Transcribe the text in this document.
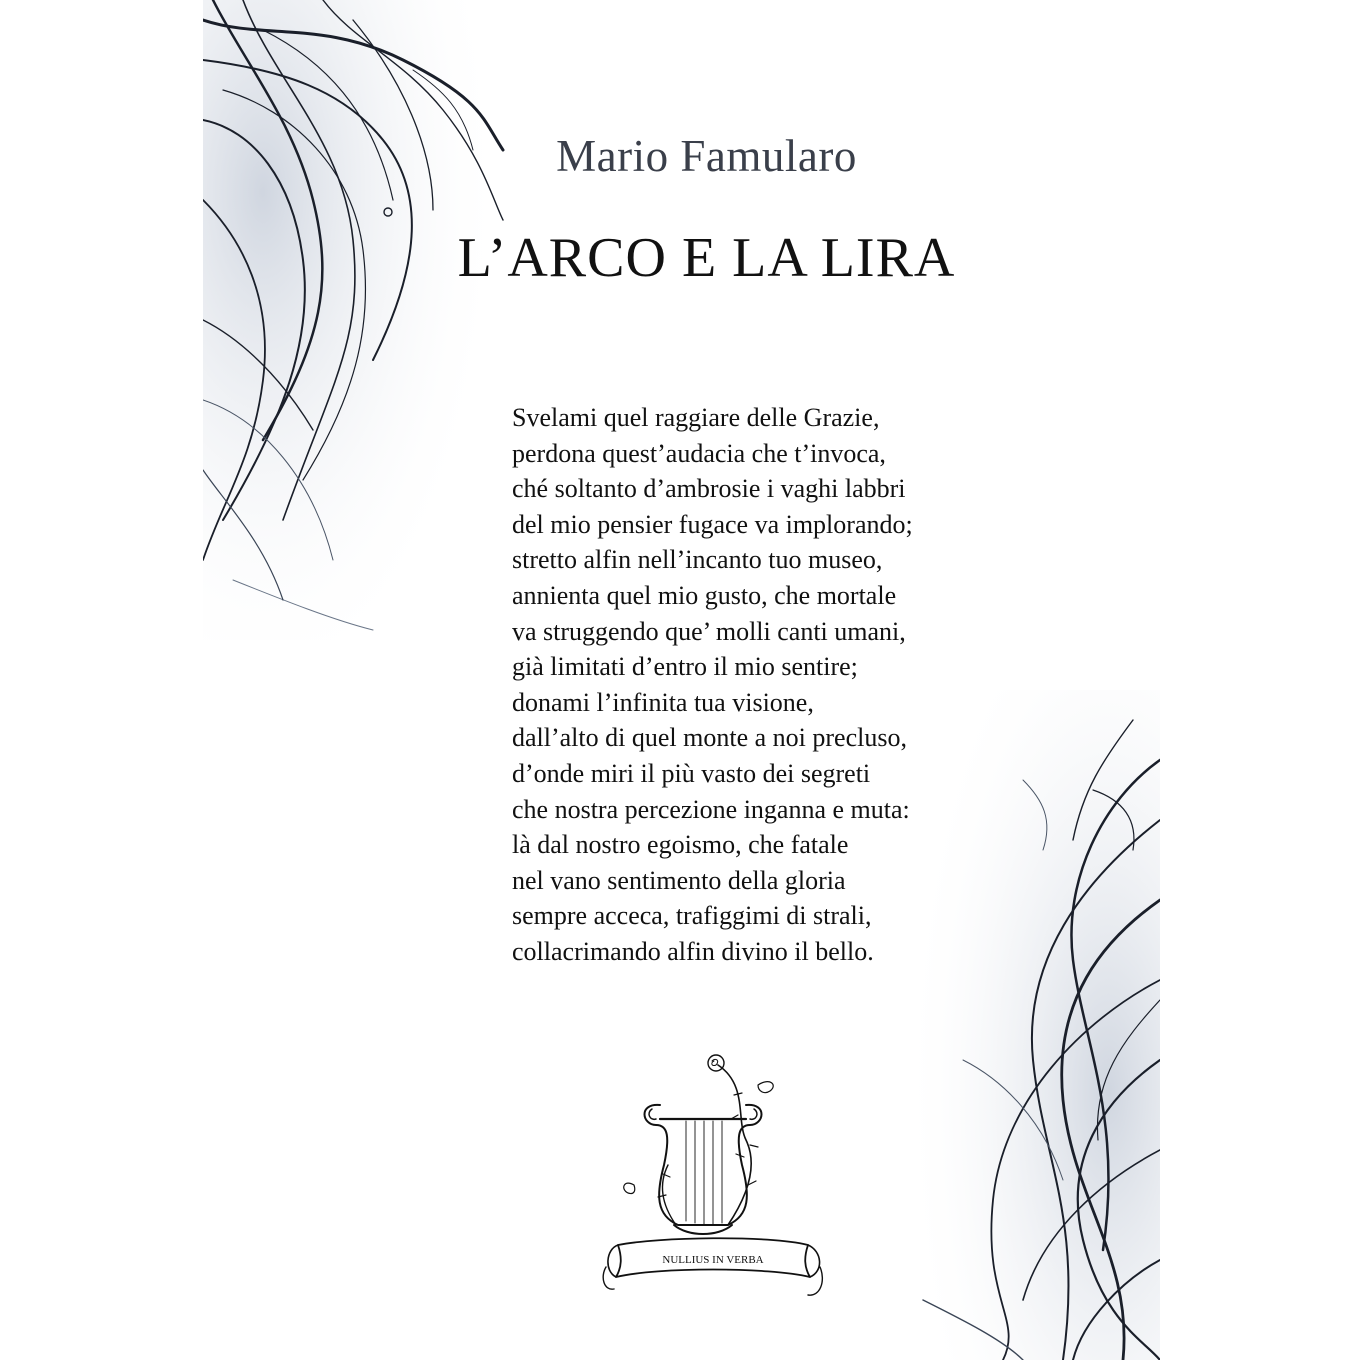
Mario Famularo
L’ARCO E LA LIRA
Svelami quel raggiare delle Grazie,
perdona quest’audacia che t’invoca,
ché soltanto d’ambrosie i vaghi labbri
del mio pensier fugace va implorando;
stretto alfin nell’incanto tuo museo,
annienta quel mio gusto, che mortale
va struggendo que’ molli canti umani,
già limitati d’entro il mio sentire;
donami l’infinita tua visione,
dall’alto di quel monte a noi precluso,
d’onde miri il più vasto dei segreti
che nostra percezione inganna e muta:
là dal nostro egoismo, che fatale
nel vano sentimento della gloria
sempre acceca, trafiggimi di strali,
collacrimando alfin divino il bello.
NULLIUS IN VERBA
